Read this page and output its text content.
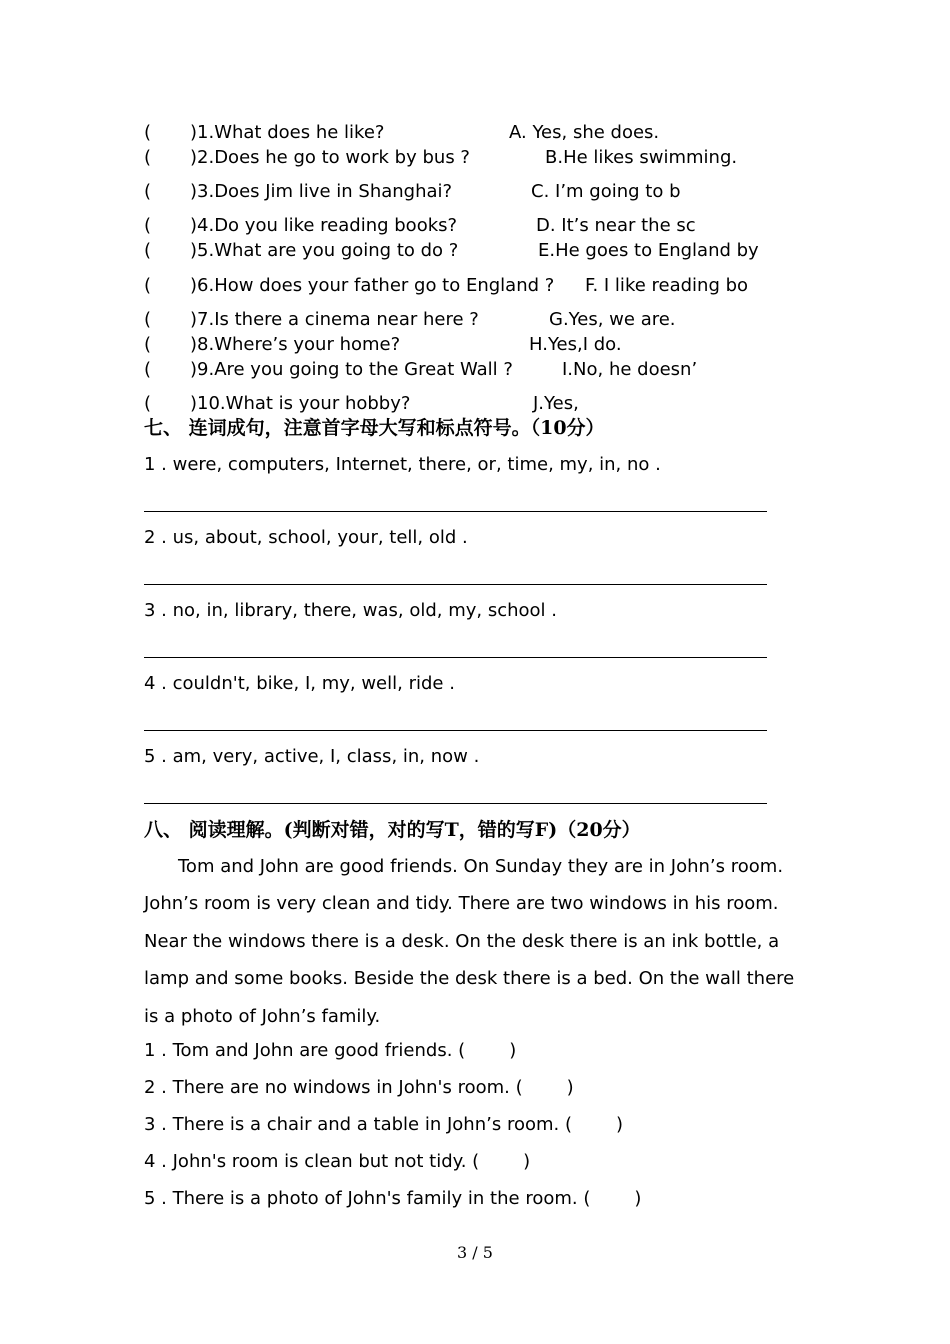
( )1.What does he like?	A. Yes, she does.
( )2.Does he go to work by bus ?	B.He likes swimming.
( )3.Does Jim live in Shanghai?	C. I’m going to b
( )4.Do you like reading books?	D. It’s near the sc
( )5.What are you going to do ?	E.He goes to England by
( )6.How does your father go to England ? F. I like reading bo
( )7.Is there a cinema near here ?	G.Yes, we are.
( )8.Where’s your home?	H.Yes,I do.
( )9.Are you going to the Great Wall ?	I.No, he doesn’
( )10.What is your hobby?	J.Yes,
七、 连词成句，注意首字母大写和标点符号。（10分）
1 . were, computers, Internet, there, or, time, my, in, no .
2 . us, about, school, your, tell, old .
3 . no, in, library, there, was, old, my, school .
4 . couldn't, bike, I, my, well, ride .
5 . am, very, active, I, class, in, now .
八、 阅读理解。(判断对错，对的写T，错的写F)（20分）

Tom and John are good friends. On Sunday they are in John’s room. John’s room is very clean and tidy. There are two windows in his room. Near the windows there is a desk. On the desk there is an ink bottle, a lamp and some books. Beside the desk there is a bed. On the wall there is a photo of John’s family.

1 . Tom and John are good friends. ( )
2 . There are no windows in John's room. ( )
3 . There is a chair and a table in John’s room. ( )
4 . John's room is clean but not tidy. ( )
5 . There is a photo of John's family in the room. ( )
3 / 5
